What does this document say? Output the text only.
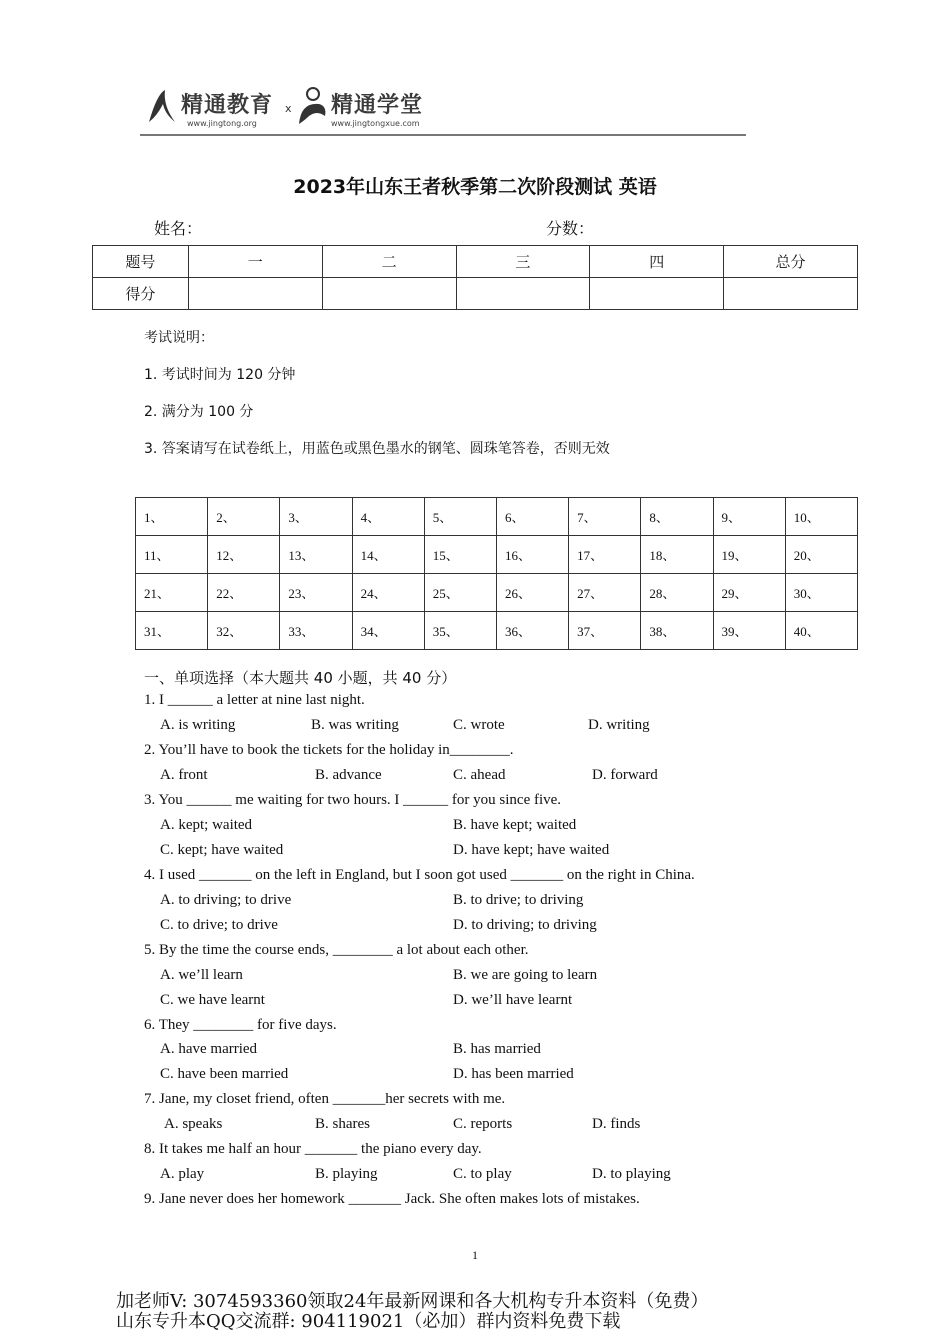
精通教育
www.jingtong.org
x 精通学堂
www.jingtongxue.com
2023年山东王者秋季第二次阶段测试 英语
姓名：	分数：
题号	一	二	三	四	总分
得分					
考试说明：
1. 考试时间为 120 分钟
2. 满分为 100 分
3. 答案请写在试卷纸上，用蓝色或黑色墨水的钢笔、圆珠笔答卷，否则无效
1、	2、	3、	4、	5、	6、	7、	8、	9、	10、
11、	12、	13、	14、	15、	16、	17、	18、	19、	20、
21、	22、	23、	24、	25、	26、	27、	28、	29、	30、
31、	32、	33、	34、	35、	36、	37、	38、	39、	40、
一、单项选择（本大题共 40 小题，共 40 分）
1. I ______ a letter at nine last night.
A. is writing	B. was writing	C. wrote	D. writing
2. You’ll have to book the tickets for the holiday in________.
A. front	B. advance	C. ahead	D. forward
3. You ______ me waiting for two hours. I ______ for you since five.
A. kept; waited	B. have kept; waited
C. kept; have waited	D. have kept; have waited
4. I used _______ on the left in England, but I soon got used _______ on the right in China.
A. to driving; to drive	B. to drive; to driving
C. to drive; to drive	D. to driving; to driving
5. By the time the course ends, ________ a lot about each other.
A. we’ll learn	B. we are going to learn
C. we have learnt	D. we’ll have learnt
6. They ________ for five days.
A. have married	B. has married
C. have been married	D. has been married
7. Jane, my closet friend, often _______her secrets with me.
A. speaks	B. shares	C. reports	D. finds
8. It takes me half an hour _______ the piano every day.
A. play	B. playing	C. to play	D. to playing
9. Jane never does her homework _______ Jack. She often makes lots of mistakes.
1
加老师V: 3074593360领取24年最新网课和各大机构专升本资料（免费）
山东专升本QQ交流群: 904119021（必加）群内资料免费下载
